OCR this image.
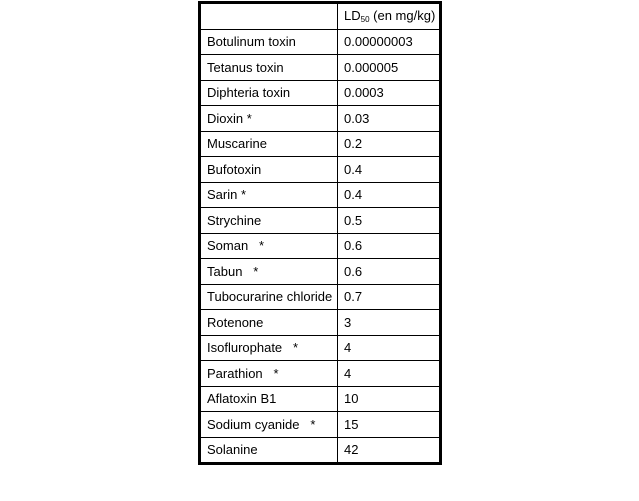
	$LD_{50}$ (en mg/kg)
Botulinum toxin	0.00000003
Tetanus toxin	0.000005
Diphteria toxin	0.0003
Dioxin *	0.03
Muscarine	0.2
Bufotoxin	0.4
Sarin *	0.4
Strychine	0.5
Soman   *	0.6
Tabun   *	0.6
Tubocurarine chloride	0.7
Rotenone	3
Isoflurophate   *	4
Parathion   *	4
Aflatoxin B1	10
Sodium cyanide   *	15
Solanine	42
